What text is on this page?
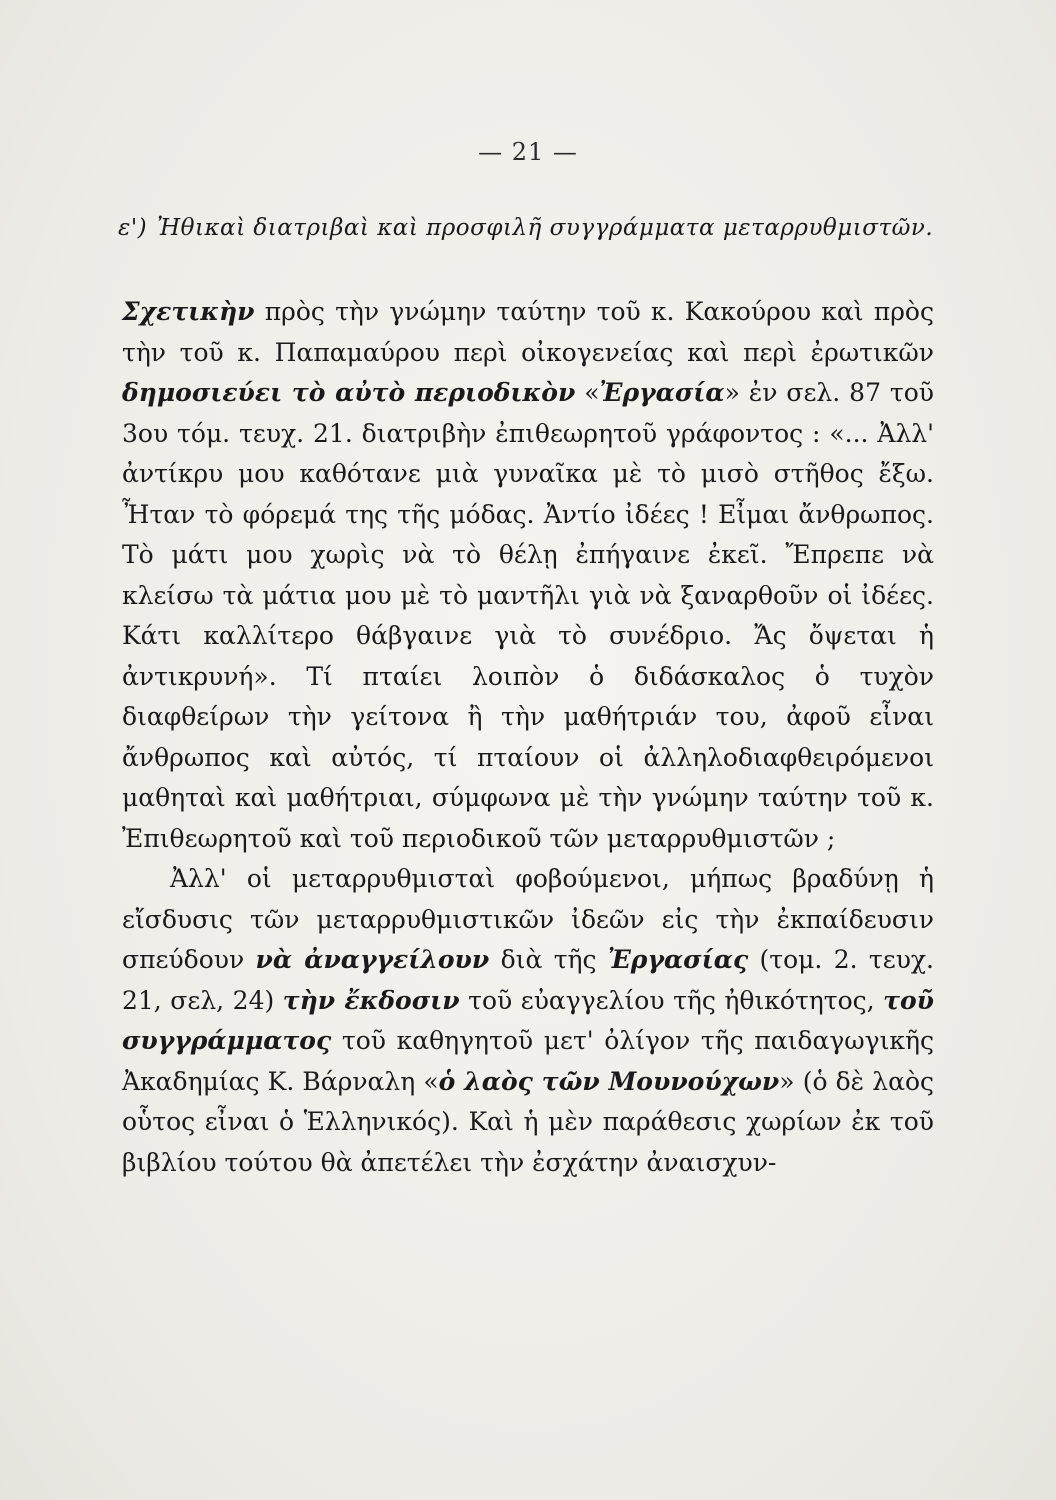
— 21 —
ε') Ἠθικαὶ διατριβαὶ καὶ προσφιλῆ συγγράμματα μεταρρυθμιστῶν.

Σχετικὴν πρὸς τὴν γνώμην ταύτην τοῦ κ. Κακούρου καὶ πρὸς τὴν τοῦ κ. Παπαμαύρου περὶ οἰκογενείας καὶ περὶ ἐρωτικῶν δημοσιεύει τὸ αὐτὸ περιοδικὸν «Ἐργασία» ἐν σελ. 87 τοῦ 3ου τόμ. τευχ. 21. διατριβὴν ἐπιθεωρητοῦ γράφοντος : «... Ἀλλ' ἀντίκρυ μου καθότανε μιὰ γυναῖκα μὲ τὸ μισὸ στῆθος ἔξω. Ἦταν τὸ φόρεμά της τῆς μόδας. Ἀντίο ἰδέες ! Εἶμαι ἄνθρωπος. Τὸ μάτι μου χωρὶς νὰ τὸ θέλῃ ἐπήγαινε ἐκεῖ. Ἔπρεπε νὰ κλείσω τὰ μάτια μου μὲ τὸ μαντῆλι γιὰ νὰ ξαναρθοῦν οἱ ἰδέες. Κάτι καλλίτερο θάβγαινε γιὰ τὸ συνέδριο. Ἄς ὄψεται ἡ ἀντικρυνή». Τί πταίει λοιπὸν ὁ διδάσκαλος ὁ τυχὸν διαφθείρων τὴν γείτονα ἢ τὴν μαθήτριάν του, ἀφοῦ εἶναι ἄνθρωπος καὶ αὐτός, τί πταίουν οἱ ἀλληλοδιαφθειρόμενοι μαθηταὶ καὶ μαθήτριαι, σύμφωνα μὲ τὴν γνώμην ταύτην τοῦ κ. Ἐπιθεωρητοῦ καὶ τοῦ περιοδικοῦ τῶν μεταρρυθμιστῶν ;

Ἀλλ' οἱ μεταρρυθμισταὶ φοβούμενοι, μήπως βραδύνῃ ἡ εἴσδυσις τῶν μεταρρυθμιστικῶν ἰδεῶν εἰς τὴν ἐκπαίδευσιν σπεύδουν νὰ ἀναγγείλουν διὰ τῆς Ἐργασίας (τομ. 2. τευχ. 21, σελ, 24) τὴν ἔκδοσιν τοῦ εὐαγγελίου τῆς ἠθικότητος, τοῦ συγγράμματος τοῦ καθηγητοῦ μετ' ὀλίγον τῆς παιδαγωγικῆς Ἀκαδημίας Κ. Βάρναλη «ὁ λαὸς τῶν Μουνούχων» (ὁ δὲ λαὸς οὗτος εἶναι ὁ Ἑλληνικός). Καὶ ἡ μὲν παράθεσις χωρίων ἐκ τοῦ βιβλίου τούτου θὰ ἀπετέλει τὴν ἐσχάτην ἀναισχυν-
